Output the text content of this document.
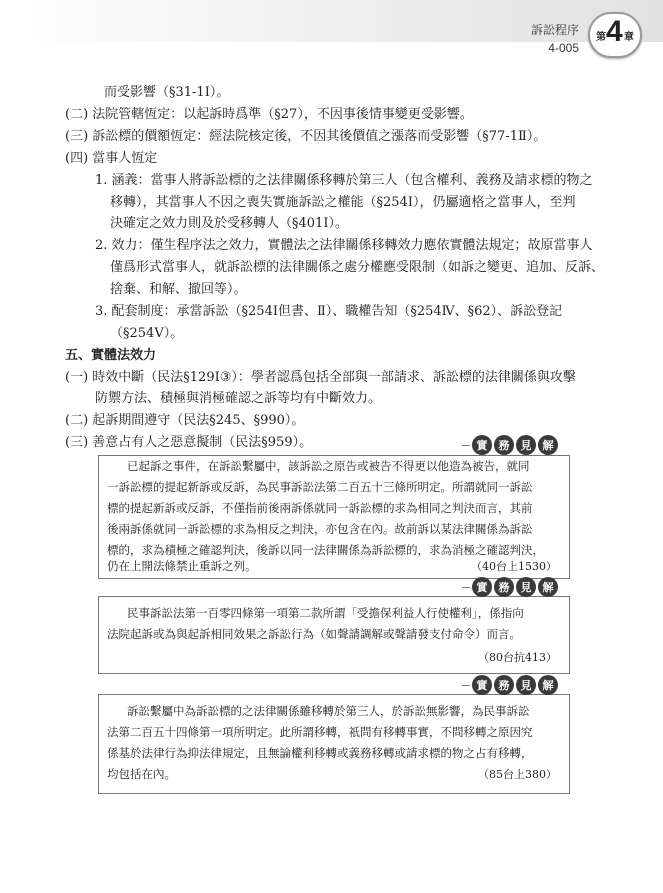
訴訟程序
4-005
第 4 章
而受影響（§31-1Ⅰ）。
(二) 法院管轄恆定：以起訴時爲準（§27），不因事後情事變更受影響。
(三) 訴訟標的價額恆定：經法院核定後，不因其後價值之漲落而受影響（§77-1Ⅱ）。
(四) 當事人恆定
1. 涵義：當事人將訴訟標的之法律關係移轉於第三人（包含權利、義務及請求標的物之
移轉），其當事人不因之喪失實施訴訟之權能（§254Ⅰ），仍屬適格之當事人，至判
決確定之效力則及於受移轉人（§401Ⅰ）。
2. 效力：僅生程序法之效力，實體法之法律關係移轉效力應依實體法規定；故原當事人
僅爲形式當事人，就訴訟標的法律關係之處分權應受限制（如訴之變更、追加、反訴、
捨棄、和解、撤回等）。
3. 配套制度：承當訴訟（§254Ⅰ但書、Ⅱ）、職權告知（§254Ⅳ、§62）、訴訟登記
（§254Ⅴ）。
五、實體法效力
(一) 時效中斷（民法§129Ⅰ③）：學者認爲包括全部與一部請求、訴訟標的法律關係與攻擊
防禦方法、積極與消極確認之訴等均有中斷效力。
(二) 起訴期間遵守（民法§245、§990）。
(三) 善意占有人之惡意擬制（民法§959）。
已起訴之事件，在訴訟繫屬中，該訴訟之原告或被告不得更以他造為被告，就同
一訴訟標的提起新訴或反訴，為民事訴訟法第二百五十三條所明定。所謂就同一訴訟
標的提起新訴或反訴，不僅指前後兩訴係就同一訴訟標的求為相同之判決而言，其前
後兩訴係就同一訴訟標的求為相反之判決，亦包含在內。故前訴以某法律關係為訴訟
標的，求為積極之確認判決，後訴以同一法律關係為訴訟標的，求為消極之確認判決，
仍在上開法條禁止重訴之列。	（40台上1530）
實	務	見	解
民事訴訟法第一百零四條第一項第二款所謂「受擔保利益人行使權利」，係指向
法院起訴或為與起訴相同效果之訴訟行為（如聲請調解或聲請發支付命令）而言。
（80台抗413）
實	務	見	解
訴訟繫屬中為訴訟標的之法律關係雖移轉於第三人，於訴訟無影響，為民事訴訟
法第二百五十四條第一項所明定。此所謂移轉，祇問有移轉事實，不問移轉之原因究
係基於法律行為抑法律規定，且無論權利移轉或義務移轉或請求標的物之占有移轉，
均包括在內。	（85台上380）
實	務	見	解
